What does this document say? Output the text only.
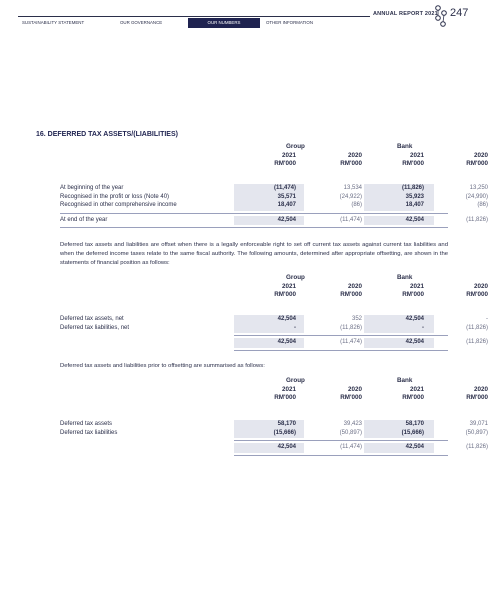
ANNUAL REPORT 2021 247
SUSTAINABILITY STATEMENT	OUR GOVERNANCE	OUR NUMBERS	OTHER INFORMATION
16. DEFERRED TAX ASSETS/(LIABILITIES)
Group	Bank
2021	2020	2021	2020
RM'000	RM'000	RM'000	RM'000
At beginning of the year	(11,474)	13,534	(11,826)	13,250
Recognised in the profit or loss (Note 40)	35,571	(24,922)	35,923	(24,990)
Recognised in other comprehensive income	18,407	(86)	18,407	(86)
At end of the year	42,504	(11,474)	42,504	(11,826)
Deferred tax assets and liabilities are offset when there is a legally enforceable right to set off current tax assets against current tax liabilities and when the deferred income taxes relate to the same fiscal authority. The following amounts, determined after appropriate offsetting, are shown in the statements of financial position as follows:
Group	Bank
2021	2020	2021	2020
RM'000	RM'000	RM'000	RM'000
Deferred tax assets, net	42,504	352	42,504	-
Deferred tax liabilities, net	-	(11,826)	-	(11,826)
42,504	(11,474)	42,504	(11,826)
Deferred tax assets and liabilities prior to offsetting are summarised as follows:
Group	Bank
2021	2020	2021	2020
RM'000	RM'000	RM'000	RM'000
Deferred tax assets	58,170	39,423	58,170	39,071
Deferred tax liabilities	(15,666)	(50,897)	(15,666)	(50,897)
42,504	(11,474)	42,504	(11,826)
